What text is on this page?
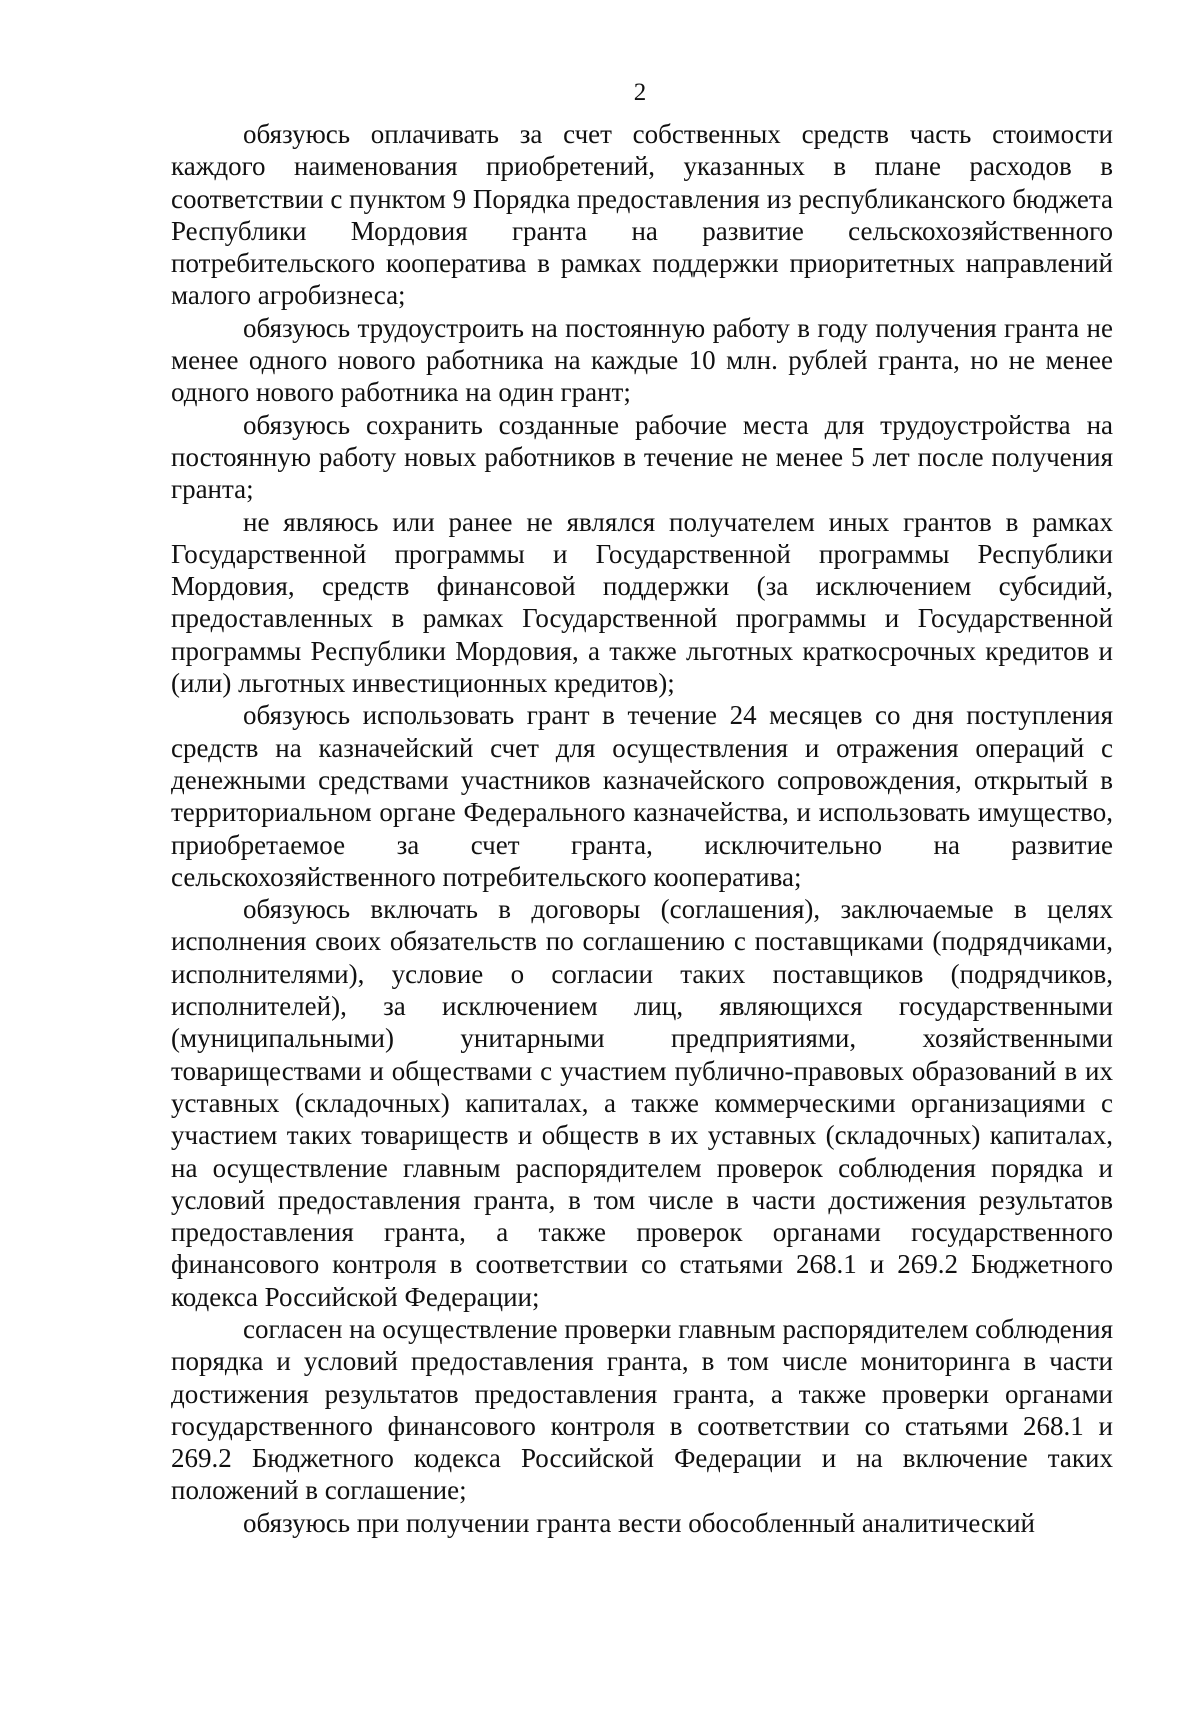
2

обязуюсь оплачивать за счет собственных средств часть стоимости каждого наименования приобретений, указанных в плане расходов в соответствии с пунктом 9 Порядка предоставления из республиканского бюджета Республики Мордовия гранта на развитие сельскохозяйственного потребительского кооператива в рамках поддержки приоритетных направлений малого агробизнеса;

обязуюсь трудоустроить на постоянную работу в году получения гранта не менее одного нового работника на каждые 10 млн. рублей гранта, но не менее одного нового работника на один грант;

обязуюсь сохранить созданные рабочие места для трудоустройства на постоянную работу новых работников в течение не менее 5 лет после получения гранта;

не являюсь или ранее не являлся получателем иных грантов в рамках Государственной программы и Государственной программы Республики Мордовия, средств финансовой поддержки (за исключением субсидий, предоставленных в рамках Государственной программы и Государственной программы Республики Мордовия, а также льготных краткосрочных кредитов и (или) льготных инвестиционных кредитов);

обязуюсь использовать грант в течение 24 месяцев со дня поступления средств на казначейский счет для осуществления и отражения операций с денежными средствами участников казначейского сопровождения, открытый в территориальном органе Федерального казначейства, и использовать имущество, приобретаемое за счет гранта, исключительно на развитие сельскохозяйственного потребительского кооператива;

обязуюсь включать в договоры (соглашения), заключаемые в целях исполнения своих обязательств по соглашению с поставщиками (подрядчиками, исполнителями), условие о согласии таких поставщиков (подрядчиков, исполнителей), за исключением лиц, являющихся государственными (муниципальными) унитарными предприятиями, хозяйственными товариществами и обществами с участием публично-правовых образований в их уставных (складочных) капиталах, а также коммерческими организациями с участием таких товариществ и обществ в их уставных (складочных) капиталах, на осуществление главным распорядителем проверок соблюдения порядка и условий предоставления гранта, в том числе в части достижения результатов предоставления гранта, а также проверок органами государственного финансового контроля в соответствии со статьями 268.1 и 269.2 Бюджетного кодекса Российской Федерации;

согласен на осуществление проверки главным распорядителем соблюдения порядка и условий предоставления гранта, в том числе мониторинга в части достижения результатов предоставления гранта, а также проверки органами государственного финансового контроля в соответствии со статьями 268.1 и 269.2 Бюджетного кодекса Российской Федерации и на включение таких положений в соглашение;

обязуюсь при получении гранта вести обособленный аналитический
